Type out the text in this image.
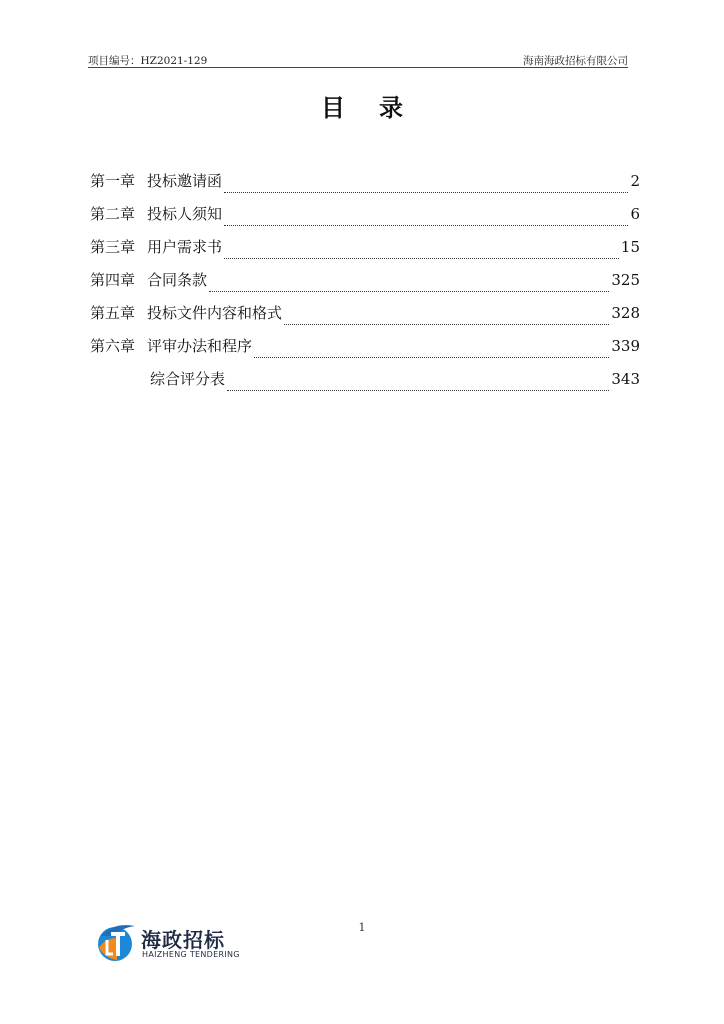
项目编号：HZ2021-129	海南海政招标有限公司
目录
第一章 投标邀请函	2
第二章 投标人须知	6
第三章 用户需求书	15
第四章 合同条款	325
第五章 投标文件内容和格式	328
第六章 评审办法和程序	339
综合评分表	343
1
海政招标
HAIZHENG TENDERING
